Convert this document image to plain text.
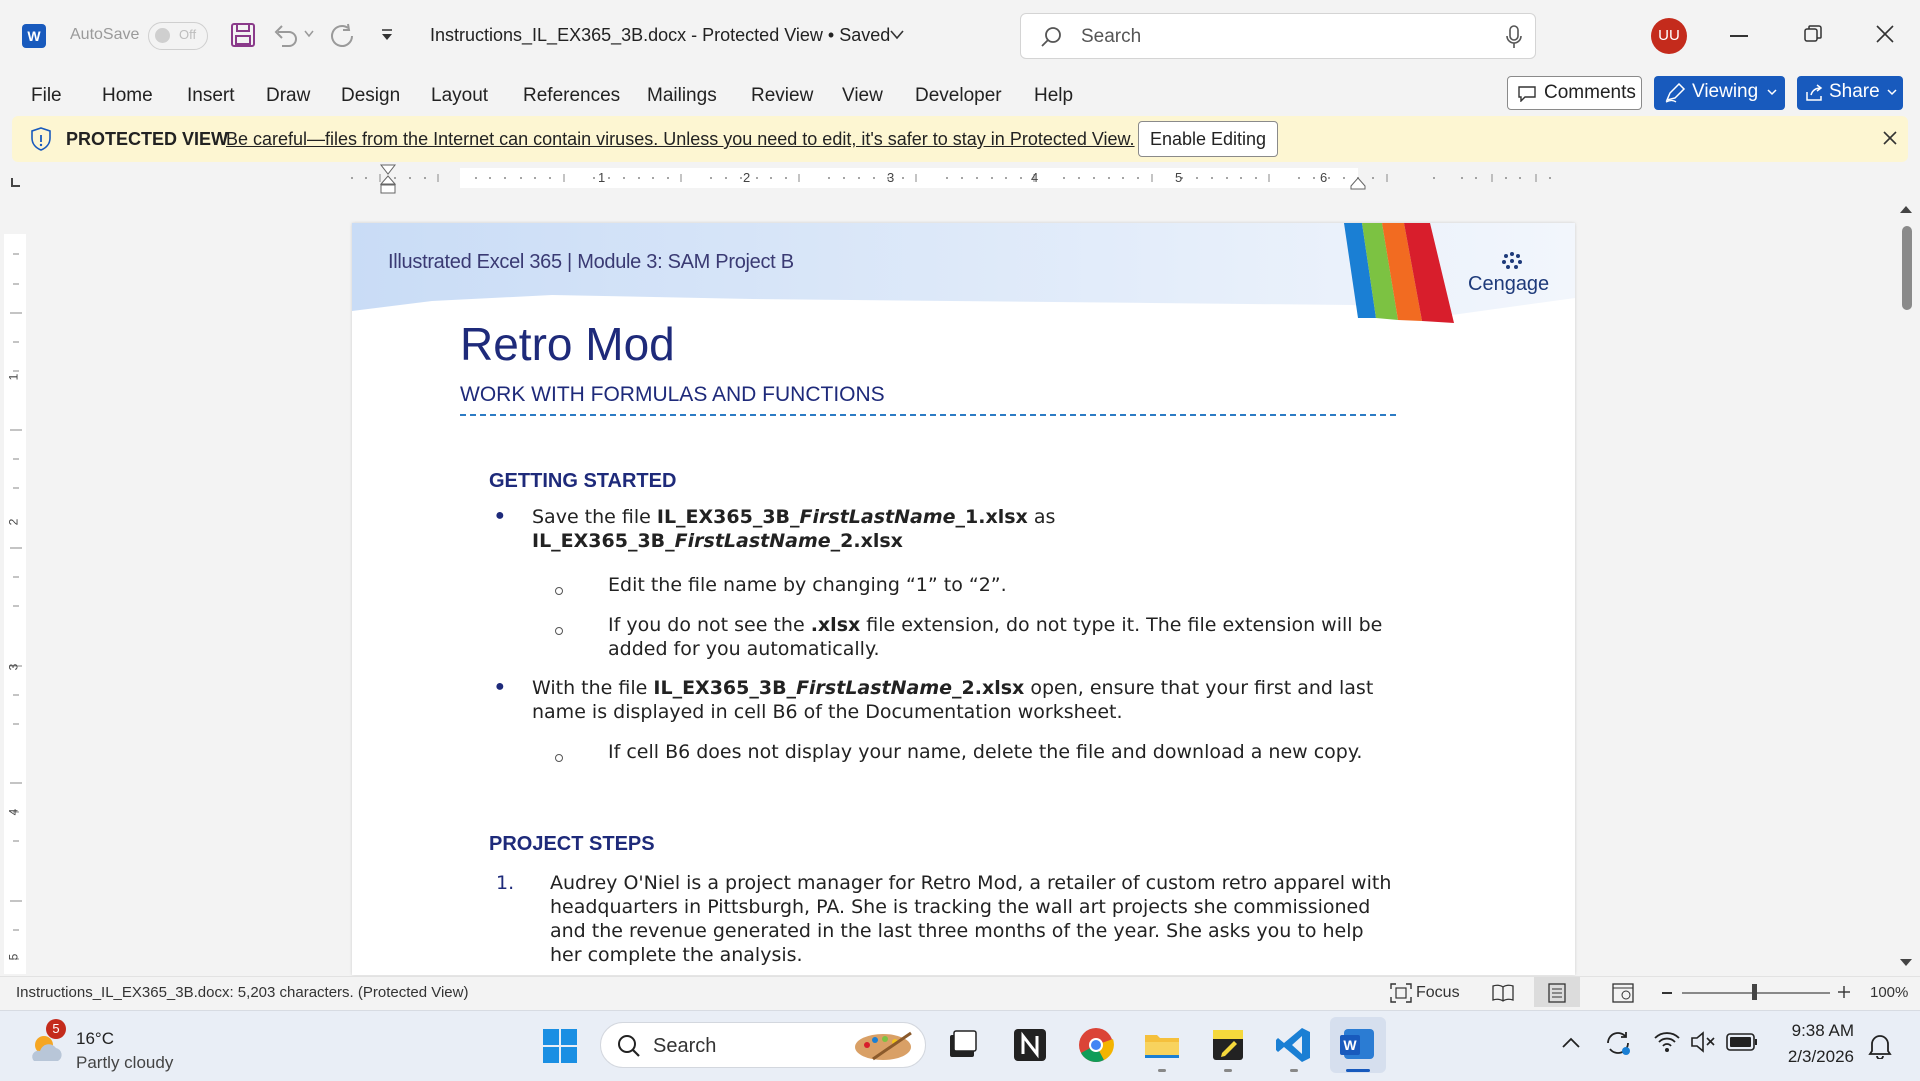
W	AutoSave	Off	Instructions_IL_EX365_3B.docx - Protected View • Saved	Search	UU
File Home Insert Draw Design Layout References Mailings Review View Developer Help	Comments	Viewing	Share
PROTECTED VIEW
Be careful—files from the Internet can contain viruses. Unless you need to edit, it's safer to stay in Protected View. Enable Editing
1	2	3	4	5	6
1
2
3
4
5
Illustrated Excel 365 | Module 3: SAM Project B
Cengage
Retro Mod
WORK WITH FORMULAS AND FUNCTIONS
GETTING STARTED
● Save the file IL_EX365_3B_FirstLastName_1.xlsx as
IL_EX365_3B_FirstLastName_2.xlsx
Edit the file name by changing “1” to “2”.
If you do not see the .xlsx file extension, do not type it. The file extension will be
added for you automatically.
● With the file IL_EX365_3B_FirstLastName_2.xlsx open, ensure that your first and last
name is displayed in cell B6 of the Documentation worksheet.
If cell B6 does not display your name, delete the file and download a new copy.
PROJECT STEPS
1. Audrey O'Niel is a project manager for Retro Mod, a retailer of custom retro apparel with
headquarters in Pittsburgh, PA. She is tracking the wall art projects she commissioned
and the revenue generated in the last three months of the year. She asks you to help
her complete the analysis.
Instructions_IL_EX365_3B.docx: 5,203 characters. (Protected View)	Focus	100%
5
16°C
Partly cloudy
Search	W
9:38 AM
2/3/2026
